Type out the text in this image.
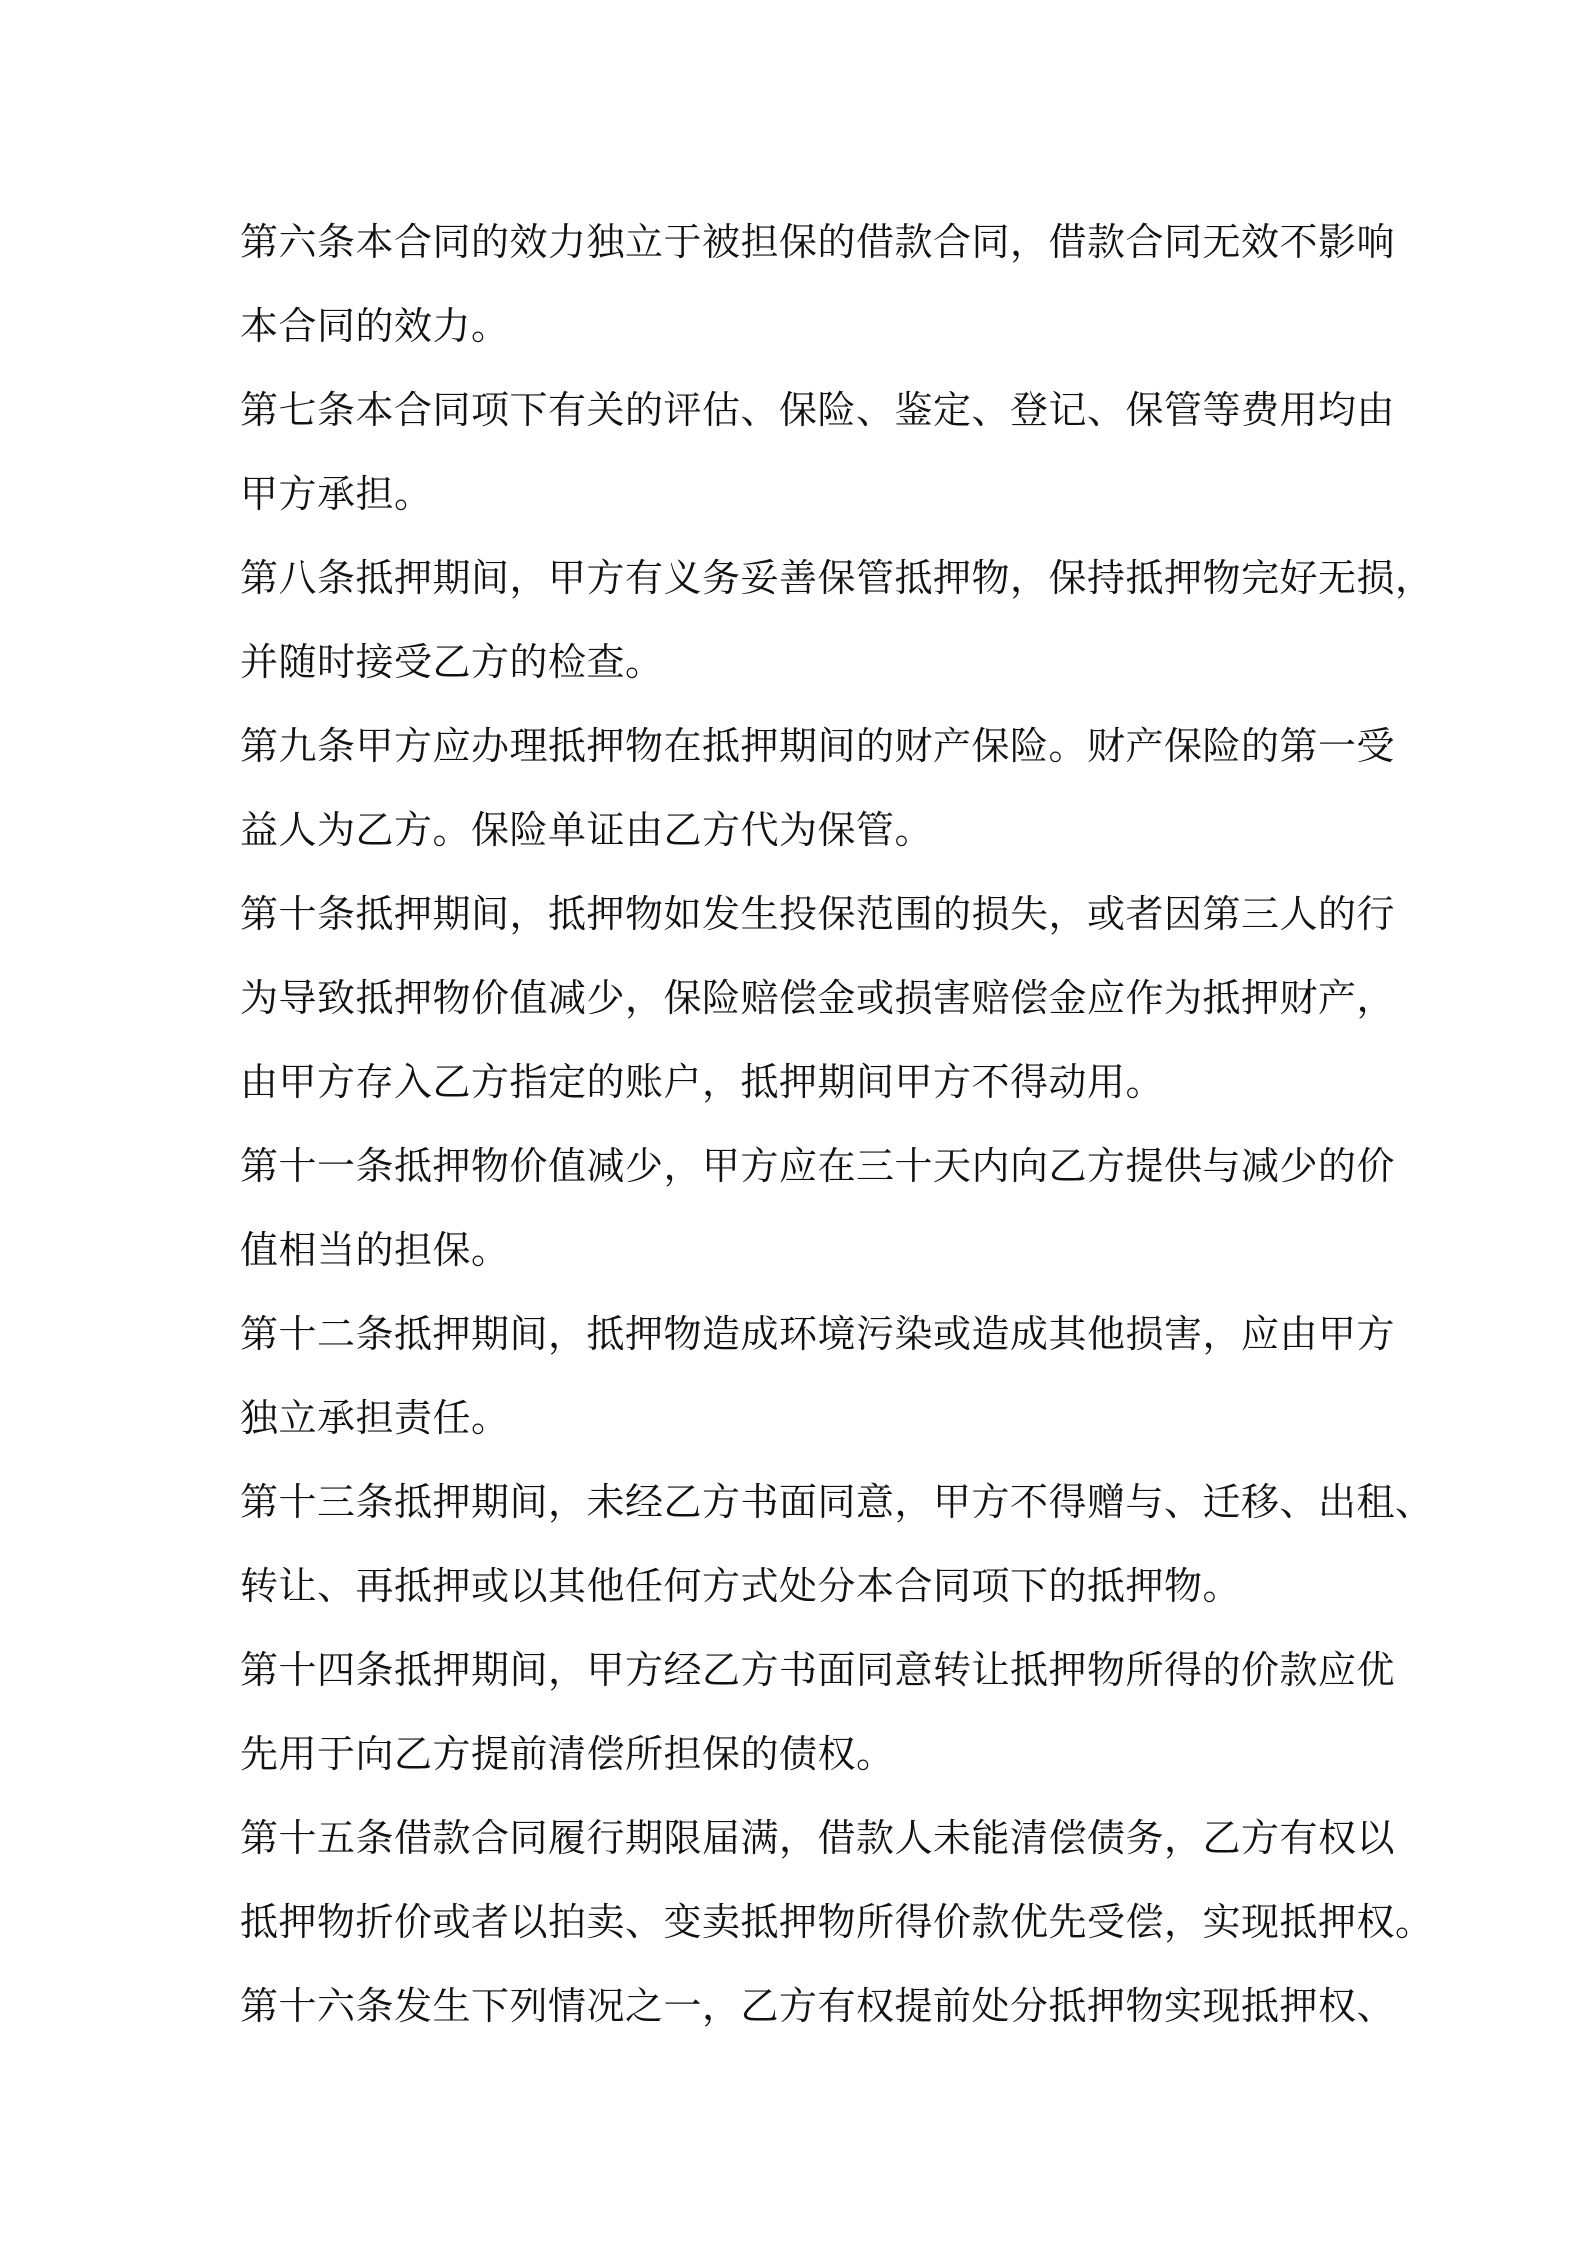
第六条本合同的效力独立于被担保的借款合同，借款合同无效不影响
本合同的效力。
第七条本合同项下有关的评估、保险、鉴定、登记、保管等费用均由
甲方承担。
第八条抵押期间，甲方有义务妥善保管抵押物，保持抵押物完好无损，
并随时接受乙方的检查。
第九条甲方应办理抵押物在抵押期间的财产保险。财产保险的第一受
益人为乙方。保险单证由乙方代为保管。
第十条抵押期间，抵押物如发生投保范围的损失，或者因第三人的行
为导致抵押物价值减少，保险赔偿金或损害赔偿金应作为抵押财产，
由甲方存入乙方指定的账户，抵押期间甲方不得动用。
第十一条抵押物价值减少，甲方应在三十天内向乙方提供与减少的价
值相当的担保。
第十二条抵押期间，抵押物造成环境污染或造成其他损害，应由甲方
独立承担责任。
第十三条抵押期间，未经乙方书面同意，甲方不得赠与、迁移、出租、
转让、再抵押或以其他任何方式处分本合同项下的抵押物。
第十四条抵押期间，甲方经乙方书面同意转让抵押物所得的价款应优
先用于向乙方提前清偿所担保的债权。
第十五条借款合同履行期限届满，借款人未能清偿债务，乙方有权以
抵押物折价或者以拍卖、变卖抵押物所得价款优先受偿，实现抵押权。
第十六条发生下列情况之一，乙方有权提前处分抵押物实现抵押权、
